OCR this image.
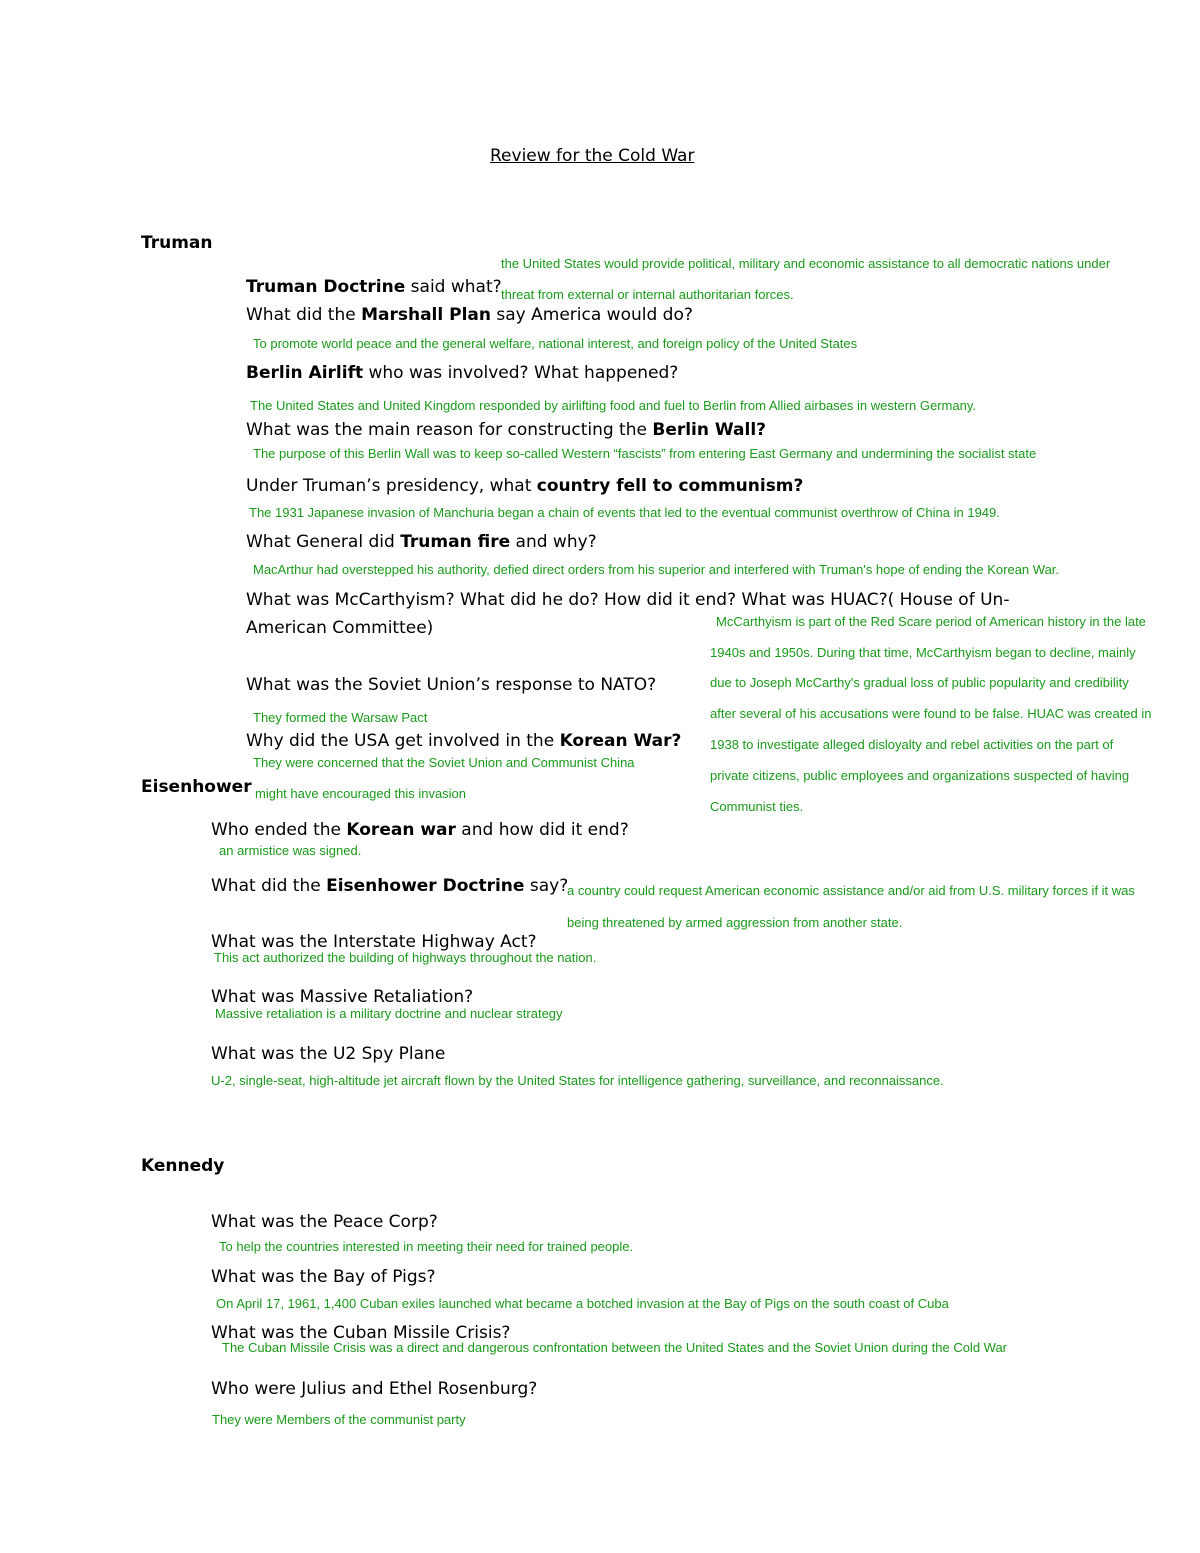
Review for the Cold War
Truman
the United States would provide political, military and economic assistance to all democratic nations under
Truman Doctrine said what? threat from external or internal authoritarian forces.
What did the Marshall Plan say America would do?
To promote world peace and the general welfare, national interest, and foreign policy of the United States
Berlin Airlift who was involved? What happened?
The United States and United Kingdom responded by airlifting food and fuel to Berlin from Allied airbases in western Germany.
What was the main reason for constructing the Berlin Wall?
The purpose of this Berlin Wall was to keep so-called Western “fascists” from entering East Germany and undermining the socialist state
Under Truman’s presidency, what country fell to communism?
The 1931 Japanese invasion of Manchuria began a chain of events that led to the eventual communist overthrow of China in 1949.
What General did Truman fire and why?
MacArthur had overstepped his authority, defied direct orders from his superior and interfered with Truman's hope of ending the Korean War.
What was McCarthyism? What did he do? How did it end? What was HUAC?( House of Un-
American Committee)	McCarthyism is part of the Red Scare period of American history in the late
1940s and 1950s. During that time, McCarthyism began to decline, mainly
due to Joseph McCarthy's gradual loss of public popularity and credibility
after several of his accusations were found to be false. HUAC was created in
1938 to investigate alleged disloyalty and rebel activities on the part of
private citizens, public employees and organizations suspected of having
Communist ties.
What was the Soviet Union’s response to NATO?
They formed the Warsaw Pact
Why did the USA get involved in the Korean War?
They were concerned that the Soviet Union and Communist China
Eisenhower might have encouraged this invasion
Who ended the Korean war and how did it end?
an armistice was signed.
What did the Eisenhower Doctrine say?
a country could request American economic assistance and/or aid from U.S. military forces if it was
being threatened by armed aggression from another state.
What was the Interstate Highway Act?
This act authorized the building of highways throughout the nation.
What was Massive Retaliation?
Massive retaliation is a military doctrine and nuclear strategy
What was the U2 Spy Plane
U-2, single-seat, high-altitude jet aircraft flown by the United States for intelligence gathering, surveillance, and reconnaissance.
Kennedy
What was the Peace Corp?
To help the countries interested in meeting their need for trained people.
What was the Bay of Pigs?
On April 17, 1961, 1,400 Cuban exiles launched what became a botched invasion at the Bay of Pigs on the south coast of Cuba
What was the Cuban Missile Crisis?
The Cuban Missile Crisis was a direct and dangerous confrontation between the United States and the Soviet Union during the Cold War
Who were Julius and Ethel Rosenburg?
They were Members of the communist party
